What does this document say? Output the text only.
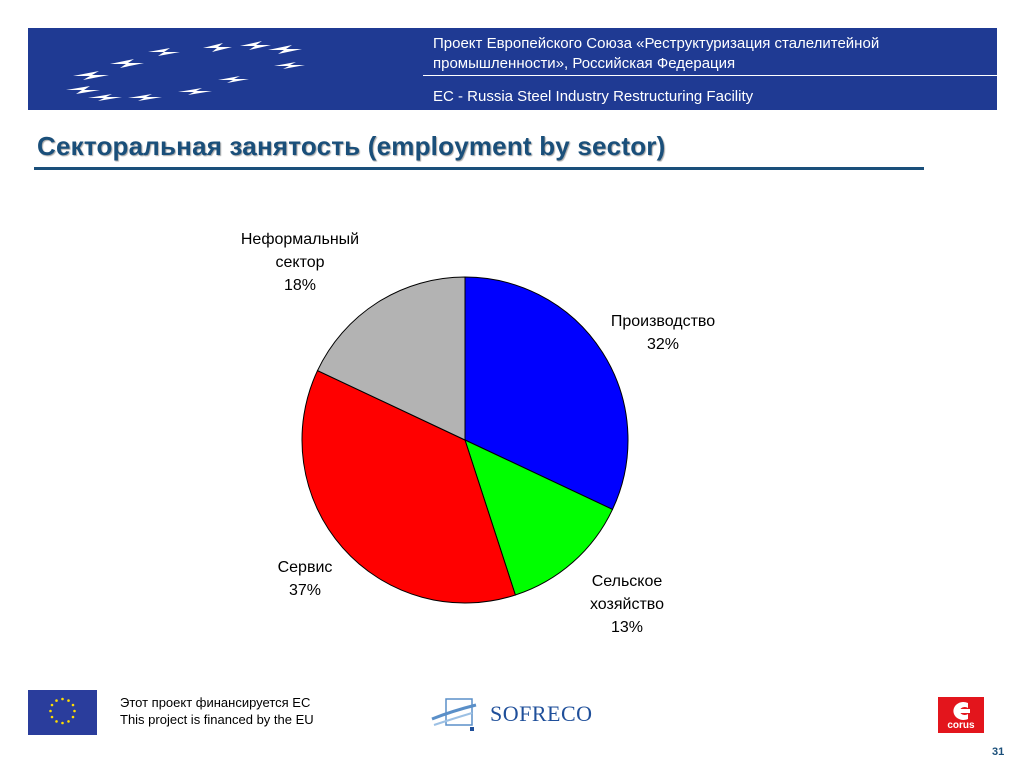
Проект Европейского Союза «Реструктуризация сталелитейной промышленности», Российская Федерация
EC - Russia Steel Industry Restructuring Facility
Секторальная занятость (employment by sector)
Производство
32%
Сельское хозяйство
13%
Сервис
37%
Неформальный сектор
18%
Этот проект финансируется ЕС
This project is financed by the EU	SOFRECO	corus
31
